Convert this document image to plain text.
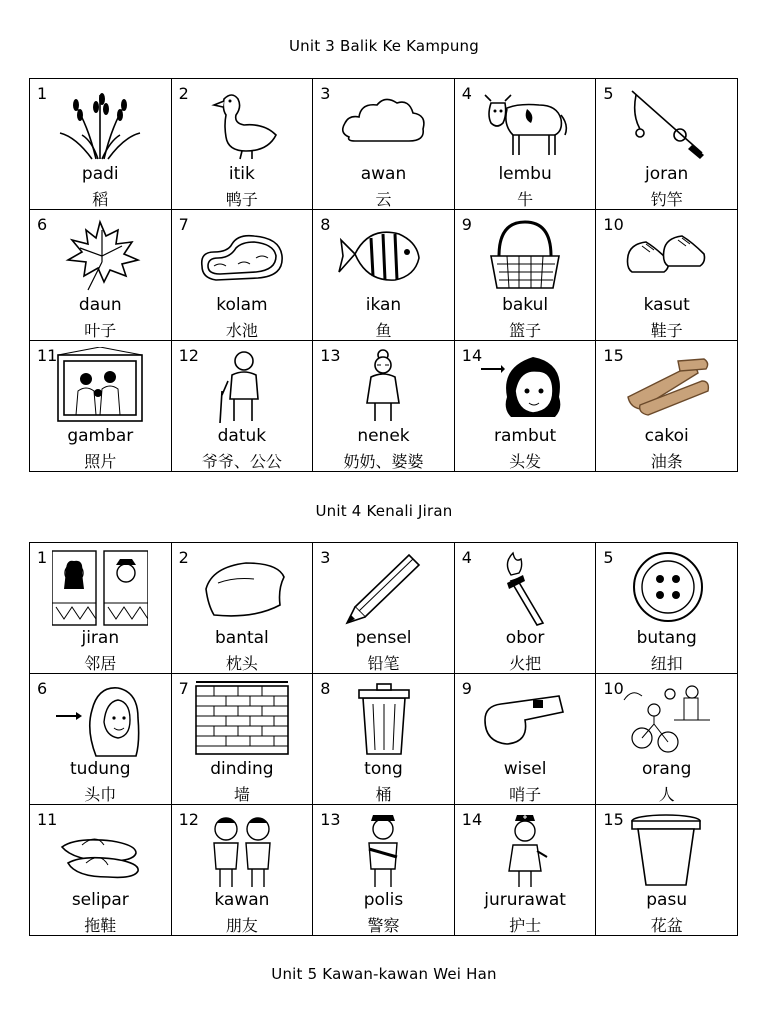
Unit 3 Balik Ke Kampung
1
padi
稻
2
itik
鸭子
3
awan
云
4
lembu
牛
5
joran
钓竿
6
daun
叶子
7
kolam
水池
8
ikan
鱼
9
bakul
篮子
10
kasut
鞋子
11
gambar
照片
12
datuk
爷爷、公公
13
nenek
奶奶、婆婆
14
rambut
头发
15
cakoi
油条
Unit 4 Kenali Jiran
1
jiran
邻居
2
bantal
枕头
3
pensel
铅笔
4
obor
火把
5
butang
纽扣
6
tudung
头巾
7
dinding
墙
8
tong
桶
9
wisel
哨子
10
orang
人
11
selipar
拖鞋
12
kawan
朋友
13
polis
警察
14
jururawat
护士
15
pasu
花盆
Unit 5 Kawan-kawan Wei Han
